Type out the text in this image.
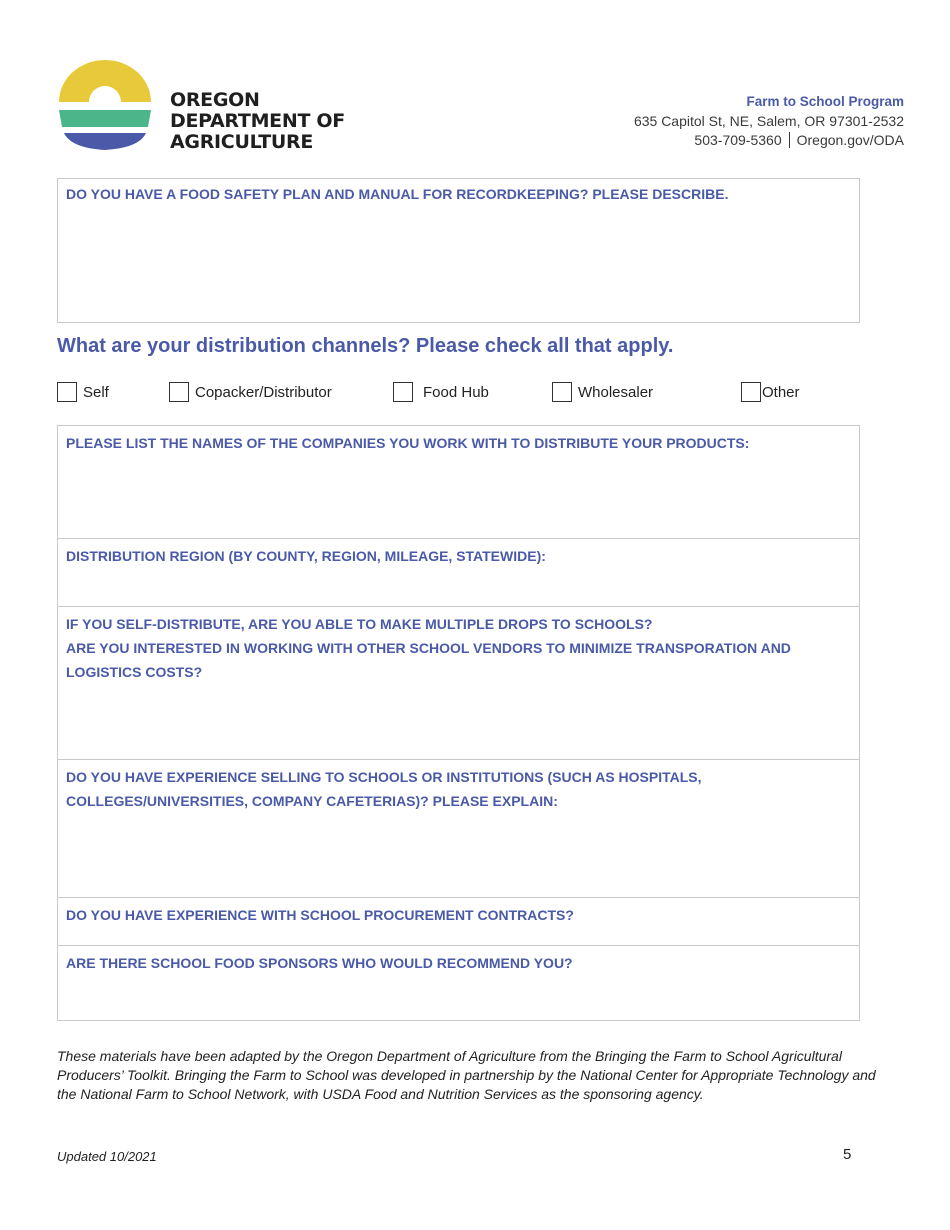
OREGON
DEPARTMENT OF
AGRICULTURE
Farm to School Program
635 Capitol St, NE, Salem, OR 97301-2532
503-709-5360 Oregon.gov/ODA
DO YOU HAVE A FOOD SAFETY PLAN AND MANUAL FOR RECORDKEEPING? PLEASE DESCRIBE.
What are your distribution channels? Please check all that apply.
Self	Copacker/Distributor	Food Hub	Wholesaler	Other
PLEASE LIST THE NAMES OF THE COMPANIES YOU WORK WITH TO DISTRIBUTE YOUR PRODUCTS:
DISTRIBUTION REGION (BY COUNTY, REGION, MILEAGE, STATEWIDE):
IF YOU SELF-DISTRIBUTE, ARE YOU ABLE TO MAKE MULTIPLE DROPS TO SCHOOLS?
ARE YOU INTERESTED IN WORKING WITH OTHER SCHOOL VENDORS TO MINIMIZE TRANSPORATION AND LOGISTICS COSTS?
DO YOU HAVE EXPERIENCE SELLING TO SCHOOLS OR INSTITUTIONS (SUCH AS HOSPITALS, COLLEGES/UNIVERSITIES, COMPANY CAFETERIAS)? PLEASE EXPLAIN:
DO YOU HAVE EXPERIENCE WITH SCHOOL PROCUREMENT CONTRACTS?
ARE THERE SCHOOL FOOD SPONSORS WHO WOULD RECOMMEND YOU?
These materials have been adapted by the Oregon Department of Agriculture from the Bringing the Farm to School Agricultural Producers’ Toolkit. Bringing the Farm to School was developed in partnership by the National Center for Appropriate Technology and the National Farm to School Network, with USDA Food and Nutrition Services as the sponsoring agency.
Updated 10/2021	5
